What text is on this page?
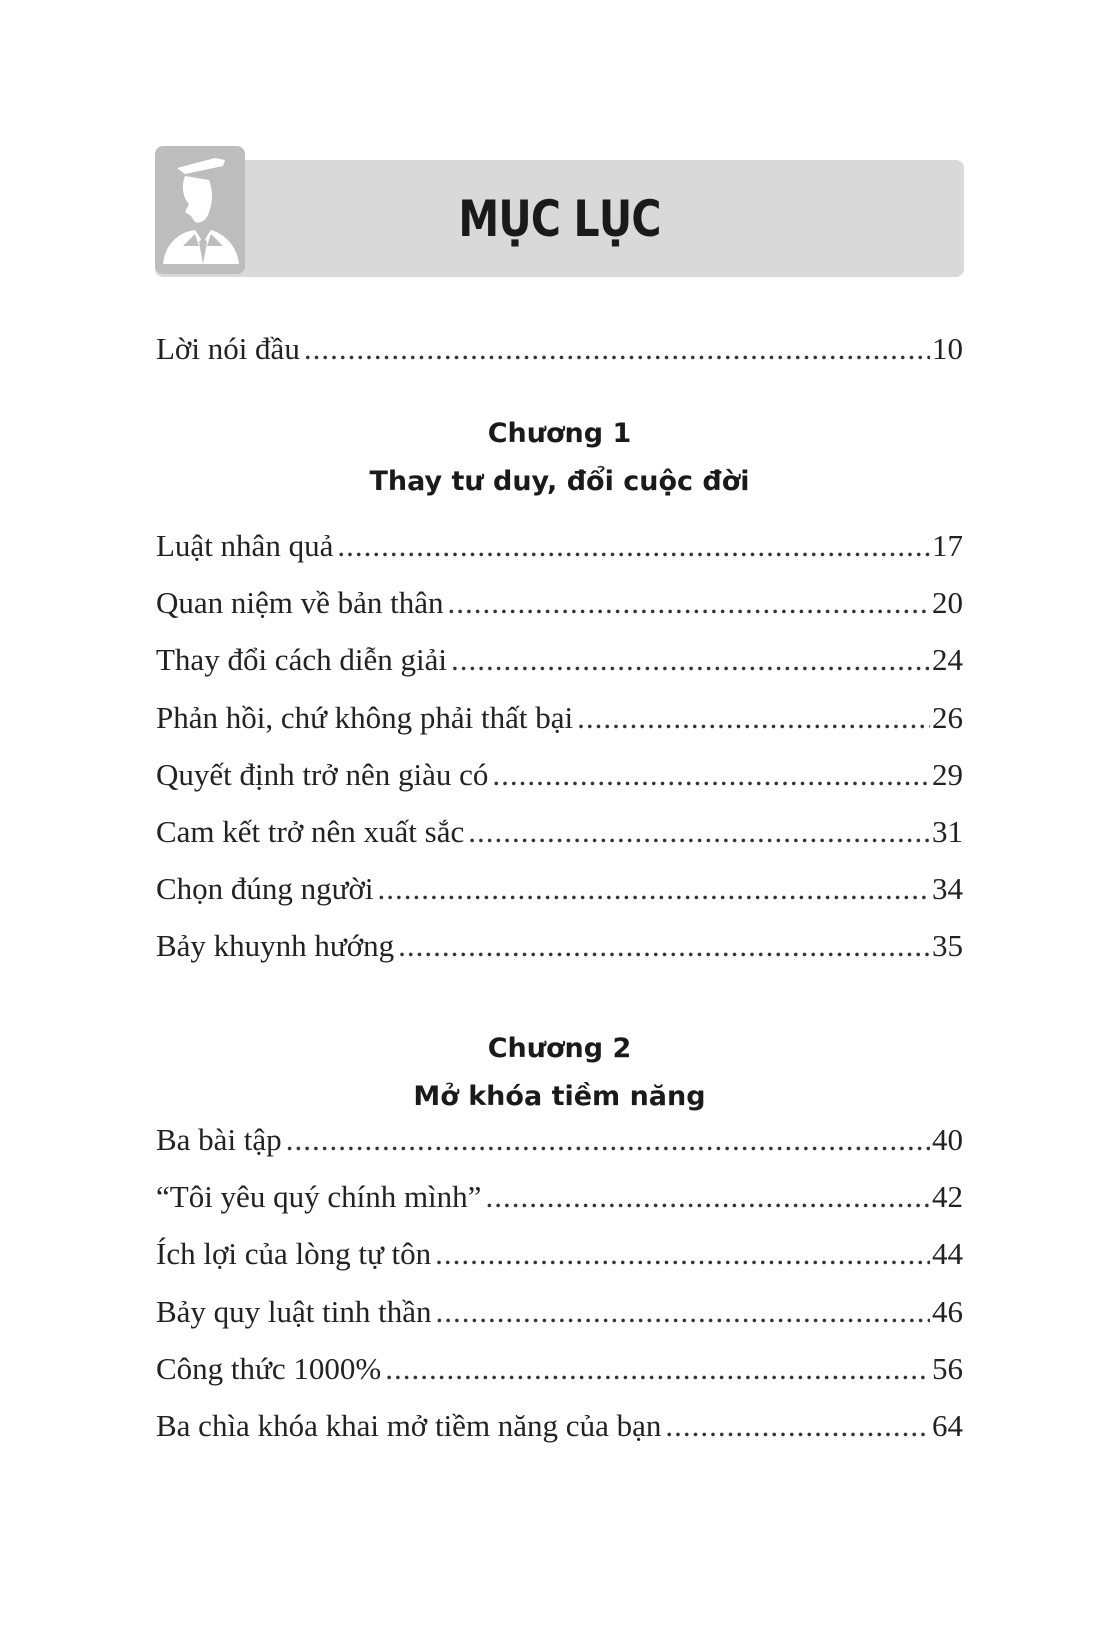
MỤC LỤC
Lời nói đầu .....	10
Chương 1
Thay tư duy, đổi cuộc đời
Luật nhân quả .....	17
Quan niệm về bản thân .....	20
Thay đổi cách diễn giải .....	24
Phản hồi, chứ không phải thất bại .....	26
Quyết định trở nên giàu có .....	29
Cam kết trở nên xuất sắc .....	31
Chọn đúng người .....	34
Bảy khuynh hướng .....	35
Chương 2
Mở khóa tiềm năng
Ba bài tập .....	40
“Tôi yêu quý chính mình” .....	42
Ích lợi của lòng tự tôn .....	44
Bảy quy luật tinh thần .....	46
Công thức 1000% .....	56
Ba chìa khóa khai mở tiềm năng của bạn .....	64
